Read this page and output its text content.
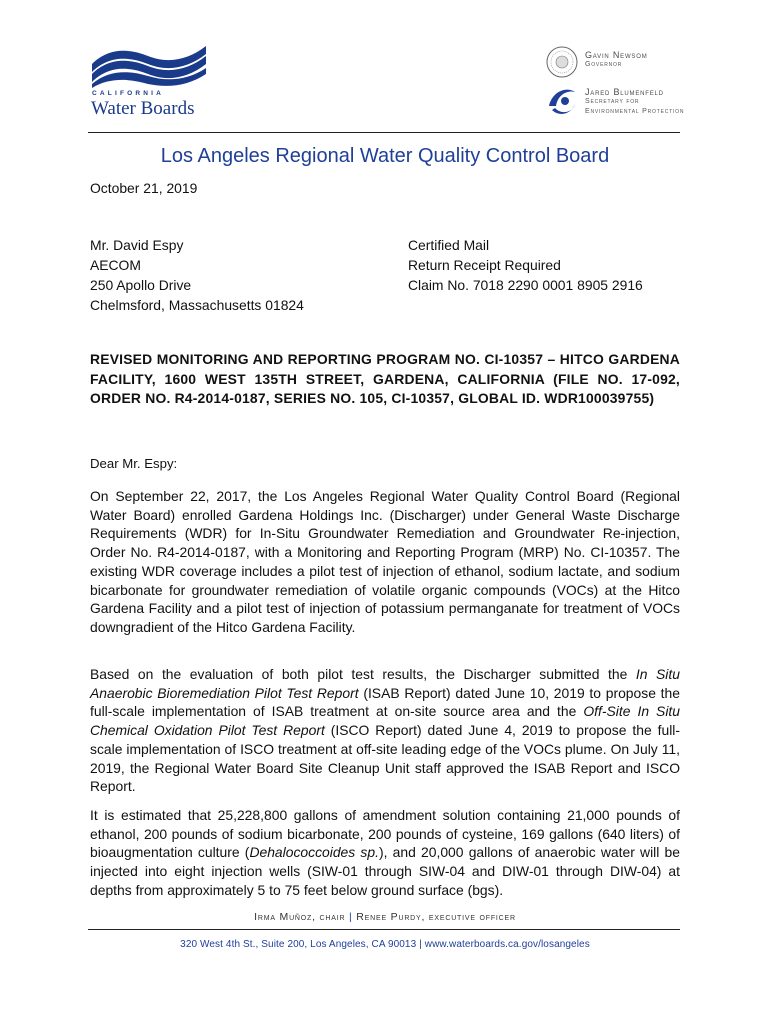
CALIFORNIA
Water Boards
Gavin Newsom
Governor
Jared Blumenfeld
Secretary for
Environmental Protection
Los Angeles Regional Water Quality Control Board
October 21, 2019
Mr. David Espy
AECOM
250 Apollo Drive
Chelmsford, Massachusetts 01824
Certified Mail
Return Receipt Required
Claim No. 7018 2290 0001 8905 2916
REVISED MONITORING AND REPORTING PROGRAM NO. CI-10357 – HITCO GARDENA FACILITY, 1600 WEST 135TH STREET, GARDENA, CALIFORNIA (FILE NO. 17-092, ORDER NO. R4-2014-0187, SERIES NO. 105, CI-10357, GLOBAL ID. WDR100039755)
Dear Mr. Espy:
On September 22, 2017, the Los Angeles Regional Water Quality Control Board (Regional Water Board) enrolled Gardena Holdings Inc. (Discharger) under General Waste Discharge Requirements (WDR) for In-Situ Groundwater Remediation and Groundwater Re-injection, Order No. R4-2014-0187, with a Monitoring and Reporting Program (MRP) No. CI-10357. The existing WDR coverage includes a pilot test of injection of ethanol, sodium lactate, and sodium bicarbonate for groundwater remediation of volatile organic compounds (VOCs) at the Hitco Gardena Facility and a pilot test of injection of potassium permanganate for treatment of VOCs downgradient of the Hitco Gardena Facility.
Based on the evaluation of both pilot test results, the Discharger submitted the In Situ Anaerobic Bioremediation Pilot Test Report (ISAB Report) dated June 10, 2019 to propose the full-scale implementation of ISAB treatment at on-site source area and the Off-Site In Situ Chemical Oxidation Pilot Test Report (ISCO Report) dated June 4, 2019 to propose the full-scale implementation of ISCO treatment at off-site leading edge of the VOCs plume. On July 11, 2019, the Regional Water Board Site Cleanup Unit staff approved the ISAB Report and ISCO Report.
It is estimated that 25,228,800 gallons of amendment solution containing 21,000 pounds of ethanol, 200 pounds of sodium bicarbonate, 200 pounds of cysteine, 169 gallons (640 liters) of bioaugmentation culture (Dehalococcoides sp.), and 20,000 gallons of anaerobic water will be injected into eight injection wells (SIW-01 through SIW-04 and DIW-01 through DIW-04) at depths from approximately 5 to 75 feet below ground surface (bgs).
Irma Muñoz, chair | Renee Purdy, executive officer
320 West 4th St., Suite 200, Los Angeles, CA 90013 | www.waterboards.ca.gov/losangeles
